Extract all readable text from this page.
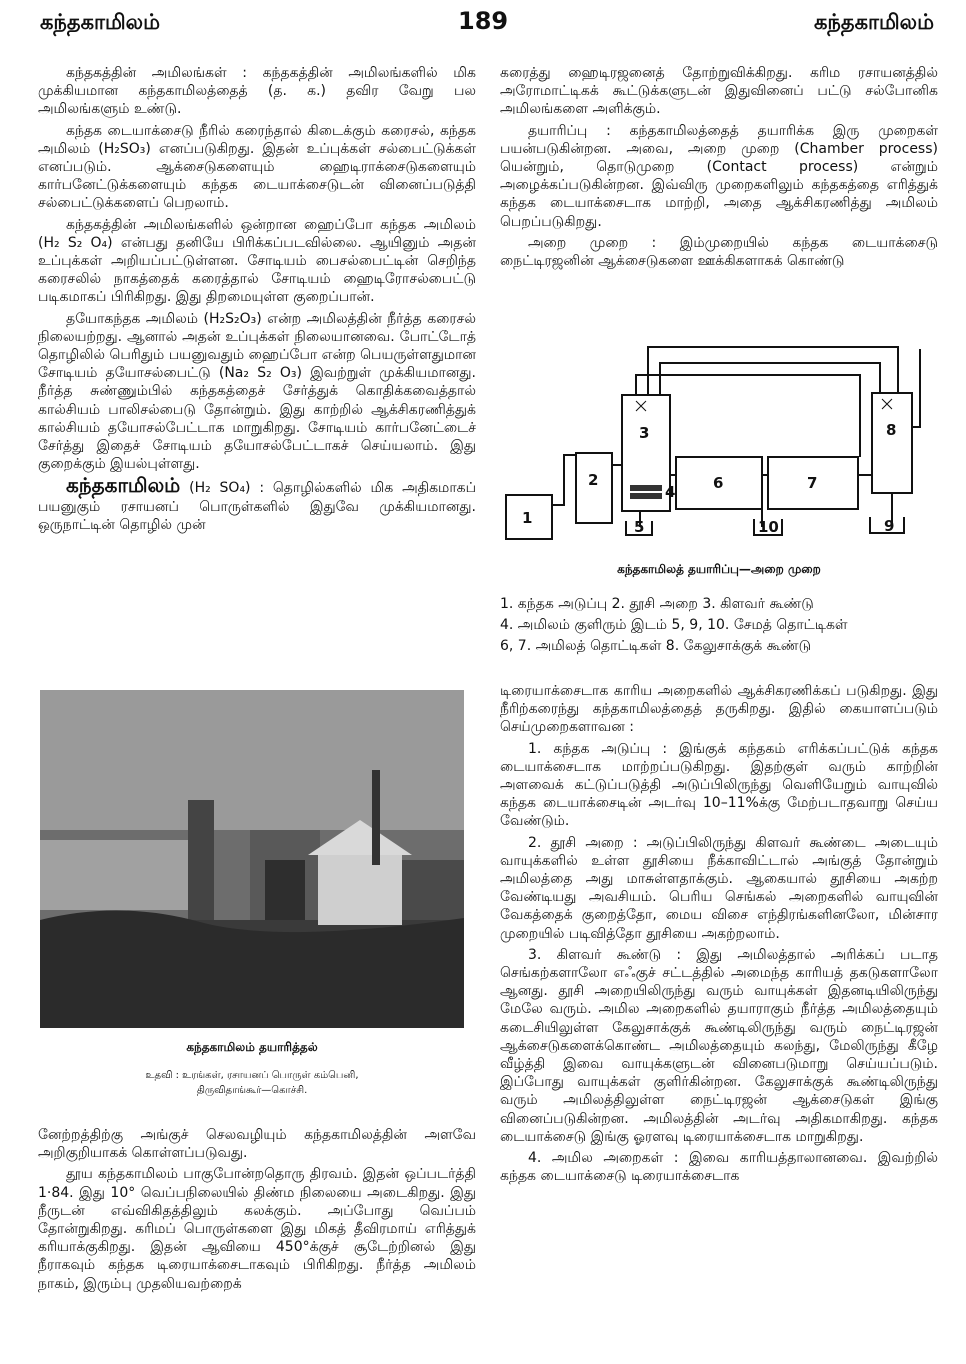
கந்தகாமிலம்	189	கந்தகாமிலம்

கந்தகத்தின் அமிலங்கள் : கந்தகத்தின் அமிலங்களில் மிக முக்கியமான கந்தகாமிலத்தைத் (த. க.) தவிர வேறு பல அமிலங்களும் உண்டு.

கந்தக டையாக்சைடு நீரில் கரைந்தால் கிடைக்கும் கரைசல், கந்தக அமிலம் (H₂SO₃) எனப்படுகிறது. இதன் உப்புக்கள் சல்பைட்டுக்கள் எனப்படும். ஆக்சைடுகளையும் ஹைடிராக்சைடுகளையும் கார்பனேட்டுக்களையும் கந்தக டையாக்சைடுடன் வினைப்படுத்தி சல்பைட்டுக்களைப் பெறலாம்.

கந்தகத்தின் அமிலங்களில் ஒன்றான ஹைப்போ கந்தக அமிலம் (H₂ S₂ O₄) என்பது தனியே பிரிக்கப்படவில்லை. ஆயினும் அதன் உப்புக்கள் அறியப்பட்டுள்ளன. சோடியம் பைசல்பைட்டின் செறிந்த கரைசலில் நாகத்தைக் கரைத்தால் சோடியம் ஹைடிரோசல்பைட்டு படிகமாகப் பிரிகிறது. இது திறமையுள்ள குறைப்பான்.

தயோகந்தக அமிலம் (H₂S₂O₃) என்ற அமிலத்தின் நீர்த்த கரைசல் நிலையற்றது. ஆனால் அதன் உப்புக்கள் நிலையானவை. போட்டோத் தொழிலில் பெரிதும் பயனுவதும் ஹைப்போ என்ற பெயருள்ளதுமான சோடியம் தயோசல்பைட்டு (Na₂ S₂ O₃) இவற்றுள் முக்கியமானது. நீர்த்த சுண்ணும்பில் கந்தகத்தைச் சேர்த்துக் கொதிக்கவைத்தால் கால்சியம் பாலிசல்பைடு தோன்றும். இது காற்றில் ஆக்சிகரணித்துக் கால்சியம் தயோசல்பேட்டாக மாறுகிறது. சோடியம் கார்பனேட்டைச் சேர்த்து இதைச் சோடியம் தயோசல்பேட்டாகச் செய்யலாம். இது குறைக்கும் இயல்புள்ளது.

கந்தகாமிலம் (H₂ SO₄) : தொழில்களில் மிக அதிகமாகப் பயனுகும் ரசாயனப் பொருள்களில் இதுவே முக்கியமானது. ஒருநாட்டின் தொழில் முன்

கந்தகாமிலம் தயாரித்தல்
உதவி : உரங்கள், ரசாயனப் பொருள் கம்பெனி,
திருவிதாங்கூர்—கொச்சி.

னேற்றத்திற்கு அங்குச் செலவழியும் கந்தகாமிலத்தின் அளவே அறிகுறியாகக் கொள்ளப்படுவது.

தூய கந்தகாமிலம் பாகுபோன்றதொரு திரவம். இதன் ஒப்படர்த்தி 1·84. இது 10° வெப்பநிலையில் திண்ம நிலையை அடைகிறது. இது நீருடன் எவ்விகிதத்திலும் கலக்கும். அப்போது வெப்பம் தோன்றுகிறது. கரிமப் பொருள்களை இது மிகத் தீவிரமாய் எரித்துக் கரியாக்குகிறது. இதன் ஆவியை 450°க்குச் சூடேற்றினல் இது நீராகவும் கந்தக டிரையாக்சைடாகவும் பிரிகிறது. நீர்த்த அமிலம் நாகம், இரும்பு முதலியவற்றைக்

கரைத்து ஹைடிரஜனைத் தோற்றுவிக்கிறது. கரிம ரசாயனத்தில் அரோமாட்டிகக் கூட்டுக்களுடன் இதுவினைப் பட்டு சல்போனிக அமிலங்களை அளிக்கும்.

தயாரிப்பு : கந்தகாமிலத்தைத் தயாரிக்க இரு முறைகள் பயன்படுகின்றன. அவை, அறை முறை (Chamber process) யென்றும், தொடுமுறை (Contact process) என்றும் அழைக்கப்படுகின்றன. இவ்விரு முறைகளிலும் கந்தகத்தை எரித்துக் கந்தக டையாக்சைடாக மாற்றி, அதை ஆக்சிகரணித்து அமிலம் பெறப்படுகிறது.

அறை முறை : இம்முறையில் கந்தக டையாக்சைடு நைட்டிரஜனின் ஆக்சைடுகளை ஊக்கிகளாகக் கொண்டு

1
2
3
4
5
6	7
8
9
10
கந்தகாமிலத் தயாரிப்பு—அறை முறை
1. கந்தக அடுப்பு 2. தூசி அறை 3. கிளவர் கூண்டு
4. அமிலம் குளிரும் இடம் 5, 9, 10. சேமத் தொட்டிகள்
6, 7. அமிலத் தொட்டிகள் 8. கேலுசாக்குக் கூண்டு

டிரையாக்சைடாக காரிய அறைகளில் ஆக்சிகரணிக்கப் படுகிறது. இது நீரிற்கரைந்து கந்தகாமிலத்தைத் தருகிறது. இதில் கையாளப்படும் செய்முறைகளாவன :

1. கந்தக அடுப்பு : இங்குக் கந்தகம் எரிக்கப்பட்டுக் கந்தக டையாக்சைடாக மாற்றப்படுகிறது. இதற்குள் வரும் காற்றின் அளவைக் கட்டுப்படுத்தி அடுப்பிலிருந்து வெளியேறும் வாயுவில் கந்தக டையாக்சைடின் அடர்வு 10–11%க்கு மேற்படாதவாறு செய்ய வேண்டும்.

2. தூசி அறை : அடுப்பிலிருந்து கிளவர் கூண்டை அடையும் வாயுக்களில் உள்ள தூசியை நீக்காவிட்டால் அங்குத் தோன்றும் அமிலத்தை அது மாசுள்ளதாக்கும். ஆகையால் தூசியை அகற்ற வேண்டியது அவசியம். பெரிய செங்கல் அறைகளில் வாயுவின் வேகத்தைக் குறைத்தோ, மைய விசை எந்திரங்களினலோ, மின்சார முறையில் படிவித்தோ தூசியை அகற்றலாம்.

3. கிளவர் கூண்டு : இது அமிலத்தால் அரிக்கப் படாத செங்கற்களாலோ எஃகுச் சட்டத்தில் அமைந்த காரியத் தகடுகளாலோ ஆனது. தூசி அறையிலிருந்து வரும் வாயுக்கள் இதனடியிலிருந்து மேலே வரும். அமில அறைகளில் தயாராகும் நீர்த்த அமிலத்தையும் கடைசியிலுள்ள கேலுசாக்குக் கூண்டிலிருந்து வரும் நைட்டிரஜன் ஆக்சைடுகளைக்கொண்ட அமிலத்தையும் கலந்து, மேலிருந்து கீழே வீழ்த்தி இவை வாயுக்களுடன் வினைபடுமாறு செய்யப்படும். இப்போது வாயுக்கள் குளிர்கின்றன. கேலுசாக்குக் கூண்டிலிருந்து வரும் அமிலத்திலுள்ள நைட்டிரஜன் ஆக்சைடுகள் இங்கு வினைப்படுகின்றன. அமிலத்தின் அடர்வு அதிகமாகிறது. கந்தக டையாக்சைடு இங்கு ஓரளவு டிரையாக்சைடாக மாறுகிறது.

4. அமில அறைகள் : இவை காரியத்தாலானவை. இவற்றில் கந்தக டையாக்சைடு டிரையாக்சைடாக
